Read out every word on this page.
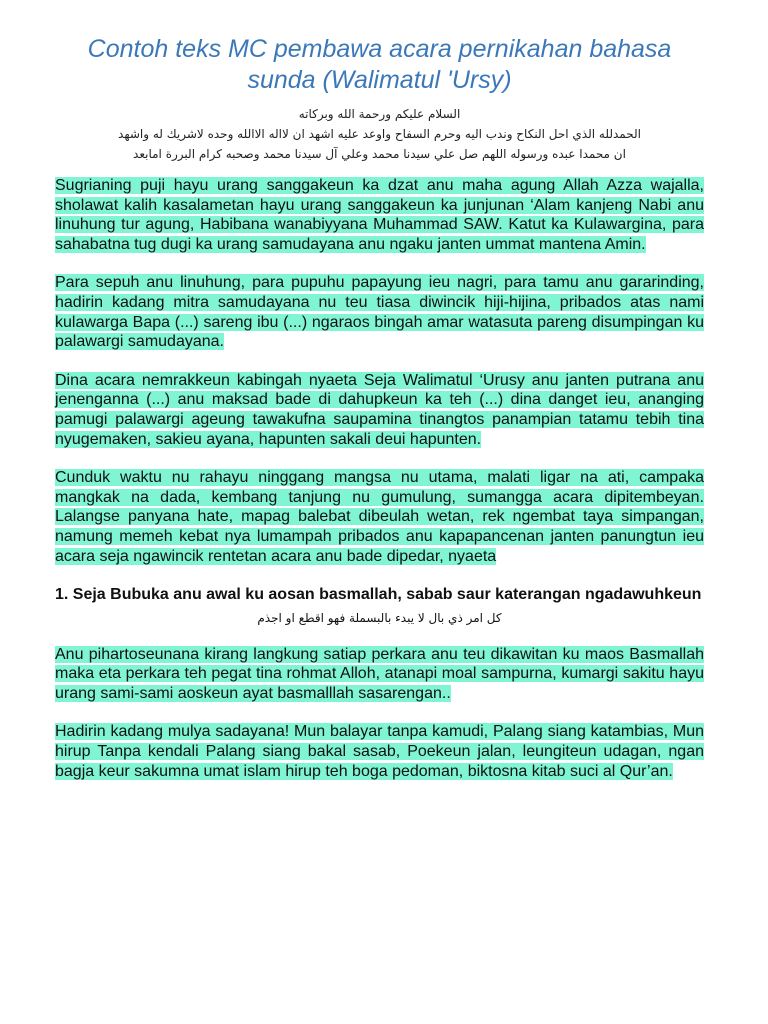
Contoh teks MC pembawa acara pernikahan bahasa sunda (Walimatul 'Ursy)

السلام عليكم ورحمة الله وبركاته

الحمدلله الذي احل النكاح وندب اليه وحرم السفاح واوعد عليه اشهد ان لااله الاالله وحده لاشريك له واشهد

ان محمدا عبده ورسوله اللهم صل علي سيدنا محمد وعلي آل سيدنا محمد وصحبه كرام البررة امابعد

Sugrianing puji hayu urang sanggakeun ka dzat anu maha agung Allah Azza wajalla, sholawat kalih kasalametan hayu urang sanggakeun ka junjunan ‘Alam kanjeng Nabi anu linuhung tur agung, Habibana wanabiyyana Muhammad SAW. Katut ka Kulawargina, para sahabatna tug dugi ka urang samudayana anu ngaku janten ummat mantena Amin.

Para sepuh anu linuhung, para pupuhu papayung ieu nagri, para tamu anu gararinding, hadirin kadang mitra samudayana nu teu tiasa diwincik hiji-hijina, pribados atas nami kulawarga Bapa (...) sareng ibu (...) ngaraos bingah amar watasuta pareng disumpingan ku palawargi samudayana.

Dina acara nemrakkeun kabingah nyaeta Seja Walimatul ‘Urusy anu janten putrana anu jenenganna (...) anu maksad bade di dahupkeun ka teh (...) dina danget ieu, ananging pamugi palawargi ageung tawakufna saupamina tinangtos panampian tatamu tebih tina nyugemaken, sakieu ayana, hapunten sakali deui hapunten.

Cunduk waktu nu rahayu ninggang mangsa nu utama, malati ligar na ati, campaka mangkak na dada, kembang tanjung nu gumulung, sumangga acara dipitembeyan. Lalangse panyana hate, mapag balebat dibeulah wetan, rek ngembat taya simpangan, namung memeh kebat nya lumampah pribados anu kapapancenan janten panungtun ieu acara seja ngawincik rentetan acara anu bade dipedar, nyaeta

1. Seja Bubuka anu awal ku aosan basmallah, sabab saur katerangan ngadawuhkeun

كل امر ذي بال لا يبدء بالبسملة فهو اقطع او اجذم

Anu pihartoseunana kirang langkung satiap perkara anu teu dikawitan ku maos Basmallah maka eta perkara teh pegat tina rohmat Alloh, atanapi moal sampurna, kumargi sakitu hayu urang sami-sami aoskeun ayat basmalllah sasarengan..

Hadirin kadang mulya sadayana! Mun balayar tanpa kamudi, Palang siang katambias, Mun hirup Tanpa kendali Palang siang bakal sasab, Poekeun jalan, leungiteun udagan, ngan bagja keur sakumna umat islam hirup teh boga pedoman, biktosna kitab suci al Qur’an.
